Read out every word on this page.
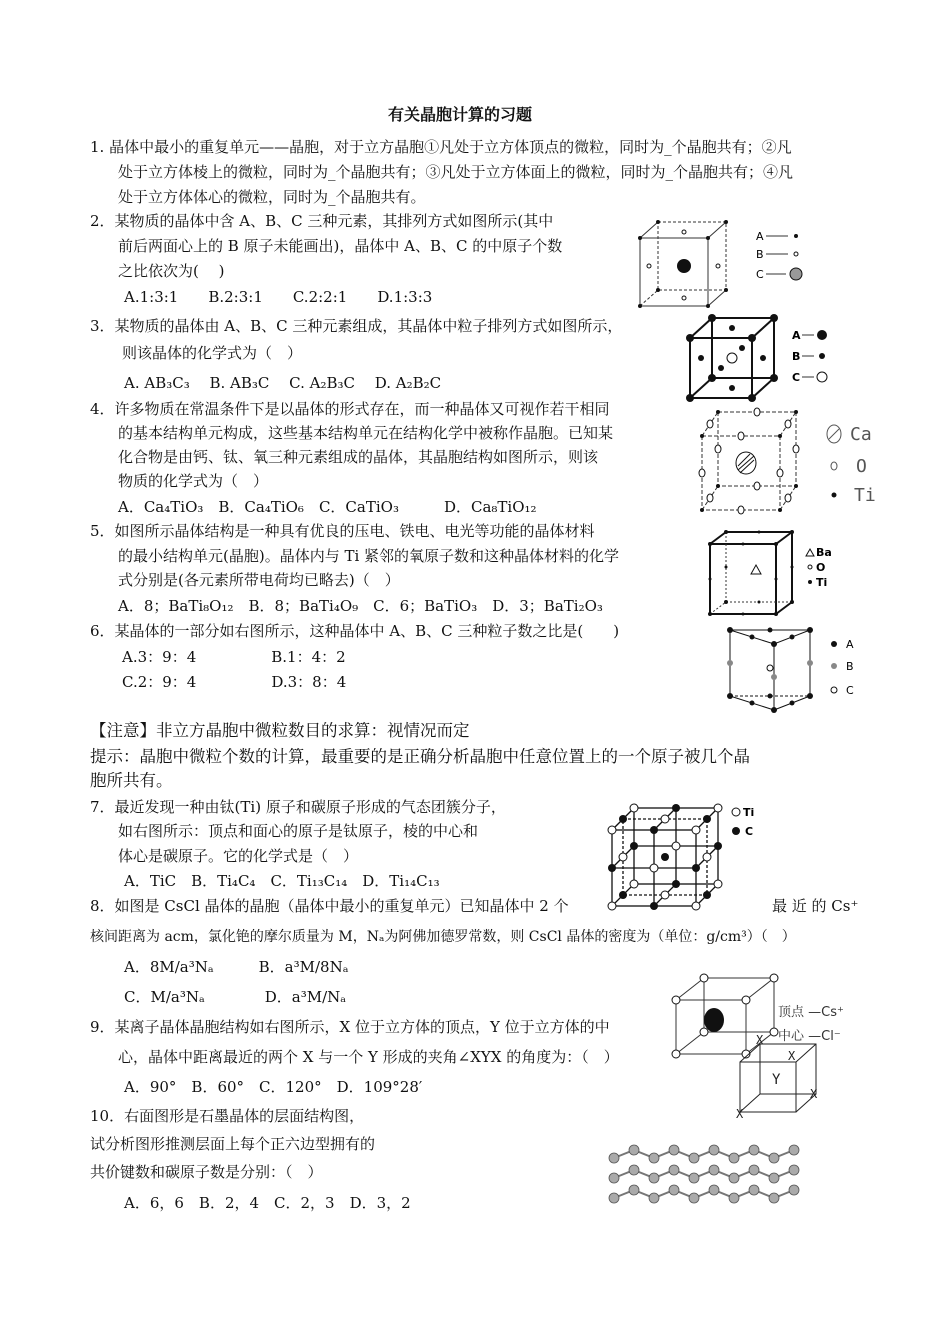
有关晶胞计算的习题
1. 晶体中最小的重复单元——晶胞，对于立方晶胞①凡处于立方体顶点的微粒，同时为_个晶胞共有；②凡
处于立方体棱上的微粒，同时为_个晶胞共有；③凡处于立方体面上的微粒，同时为_个晶胞共有；④凡
处于立方体体心的微粒，同时为_个晶胞共有。
2．某物质的晶体中含 A、B、C 三种元素，其排列方式如图所示(其中
前后两面心上的 B 原子未能画出)，晶体中 A、B、C 的中原子个数
之比依次为(　 )
A.1:3:1　　B.2:3:1　　C.2:2:1　　D.1:3:3
3．某物质的晶体由 A、B、C 三种元素组成，其晶体中粒子排列方式如图所示，
则该晶体的化学式为（　）
A. AB₃C₃　 B. AB₃C　 C. A₂B₃C　 D. A₂B₂C
4．许多物质在常温条件下是以晶体的形式存在，而一种晶体又可视作若干相同
的基本结构单元构成，这些基本结构单元在结构化学中被称作晶胞。已知某
化合物是由钙、钛、氧三种元素组成的晶体，其晶胞结构如图所示，则该
物质的化学式为（　）
A．Ca₄TiO₃　B．Ca₄TiO₆　C．CaTiO₃　　　D．Ca₈TiO₁₂
5．如图所示晶体结构是一种具有优良的压电、铁电、电光等功能的晶体材料
的最小结构单元(晶胞)。晶体内与 Ti 紧邻的氧原子数和这种晶体材料的化学
式分别是(各元素所带电荷均已略去)（　）
A．8；BaTi₈O₁₂　B．8；BaTi₄O₉　C．6；BaTiO₃　D．3；BaTi₂O₃
6．某晶体的一部分如右图所示，这种晶体中 A、B、C 三种粒子数之比是(　　)
A.3：9：4　　　　　B.1：4：2
C.2：9：4　　　　　D.3：8：4
【注意】非立方晶胞中微粒数目的求算：视情况而定
提示：晶胞中微粒个数的计算，最重要的是正确分析晶胞中任意位置上的一个原子被几个晶
胞所共有。
7．最近发现一种由钛(Ti) 原子和碳原子形成的气态团簇分子，
如右图所示：顶点和面心的原子是钛原子，棱的中心和
体心是碳原子。它的化学式是（　）
A．TiC　B．Ti₄C₄　C．Ti₁₃C₁₄　D．Ti₁₄C₁₃
8．如图是 CsCl 晶体的晶胞（晶体中最小的重复单元）已知晶体中 2 个	最 近 的 Cs⁺
核间距离为 acm，氯化铯的摩尔质量为 M，Nₐ为阿佛加德罗常数，则 CsCl 晶体的密度为（单位：g/cm³）（　）
A．8M/a³Nₐ　　　B．a³M/8Nₐ
C．M/a³Nₐ　　　　D．a³M/Nₐ
9．某离子晶体晶胞结构如右图所示，X 位于立方体的顶点，Y 位于立方体的中
心，晶体中距离最近的两个 X 与一个 Y 形成的夹角∠XYX 的角度为：（　）
A．90°　B．60°　C．120°　D．109°28′
10．右面图形是石墨晶体的层面结构图，
试分析图形推测层面上每个正六边型拥有的
共价键数和碳原子数是分别：（　）
A．6，6　B．2，4　C．2，3　D．3，2
A
B
C
A
B
C
Ca
O
Ti
Ba
O
Ti
A
B
C
Ti
C
顶点 —Cs⁺
中心 —Cl⁻
X
X
Y
X
X
